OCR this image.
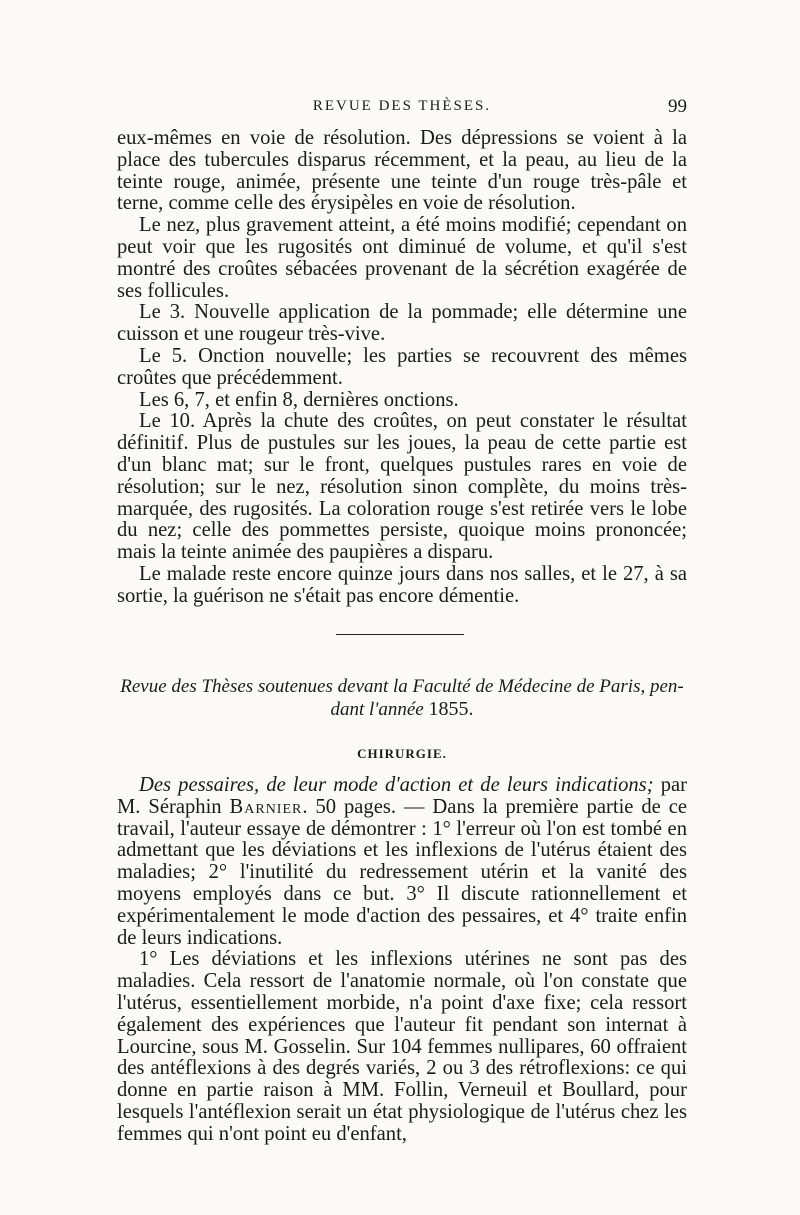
REVUE DES THÈSES.	99

eux-mêmes en voie de résolution. Des dépressions se voient à la place des tubercules disparus récemment, et la peau, au lieu de la teinte rouge, animée, présente une teinte d'un rouge très-pâle et terne, comme celle des érysipèles en voie de résolution.

Le nez, plus gravement atteint, a été moins modifié; cependant on peut voir que les rugosités ont diminué de volume, et qu'il s'est montré des croûtes sébacées provenant de la sécrétion exagérée de ses follicules.

Le 3. Nouvelle application de la pommade; elle détermine une cuisson et une rougeur très-vive.

Le 5. Onction nouvelle; les parties se recouvrent des mêmes croûtes que précédemment.

Les 6, 7, et enfin 8, dernières onctions.

Le 10. Après la chute des croûtes, on peut constater le résultat définitif. Plus de pustules sur les joues, la peau de cette partie est d'un blanc mat; sur le front, quelques pustules rares en voie de résolution; sur le nez, résolution sinon complète, du moins très-marquée, des rugosités. La coloration rouge s'est retirée vers le lobe du nez; celle des pommettes persiste, quoique moins prononcée; mais la teinte animée des paupières a disparu.

Le malade reste encore quinze jours dans nos salles, et le 27, à sa sortie, la guérison ne s'était pas encore démentie.

Revue des Thèses soutenues devant la Faculté de Médecine de Paris, pen-
dant l'année 1855.
CHIRURGIE.

Des pessaires, de leur mode d'action et de leurs indications; par M. Séraphin Barnier. 50 pages. — Dans la première partie de ce travail, l'auteur essaye de démontrer : 1° l'erreur où l'on est tombé en admettant que les déviations et les inflexions de l'utérus étaient des maladies; 2° l'inutilité du redressement utérin et la vanité des moyens employés dans ce but. 3° Il discute rationnellement et expérimentalement le mode d'action des pessaires, et 4° traite enfin de leurs indications.

1° Les déviations et les inflexions utérines ne sont pas des maladies. Cela ressort de l'anatomie normale, où l'on constate que l'utérus, essentiellement morbide, n'a point d'axe fixe; cela ressort également des expériences que l'auteur fit pendant son internat à Lourcine, sous M. Gosselin. Sur 104 femmes nullipares, 60 offraient des antéflexions à des degrés variés, 2 ou 3 des rétroflexions: ce qui donne en partie raison à MM. Follin, Verneuil et Boullard, pour lesquels l'antéflexion serait un état physiologique de l'utérus chez les femmes qui n'ont point eu d'enfant,
